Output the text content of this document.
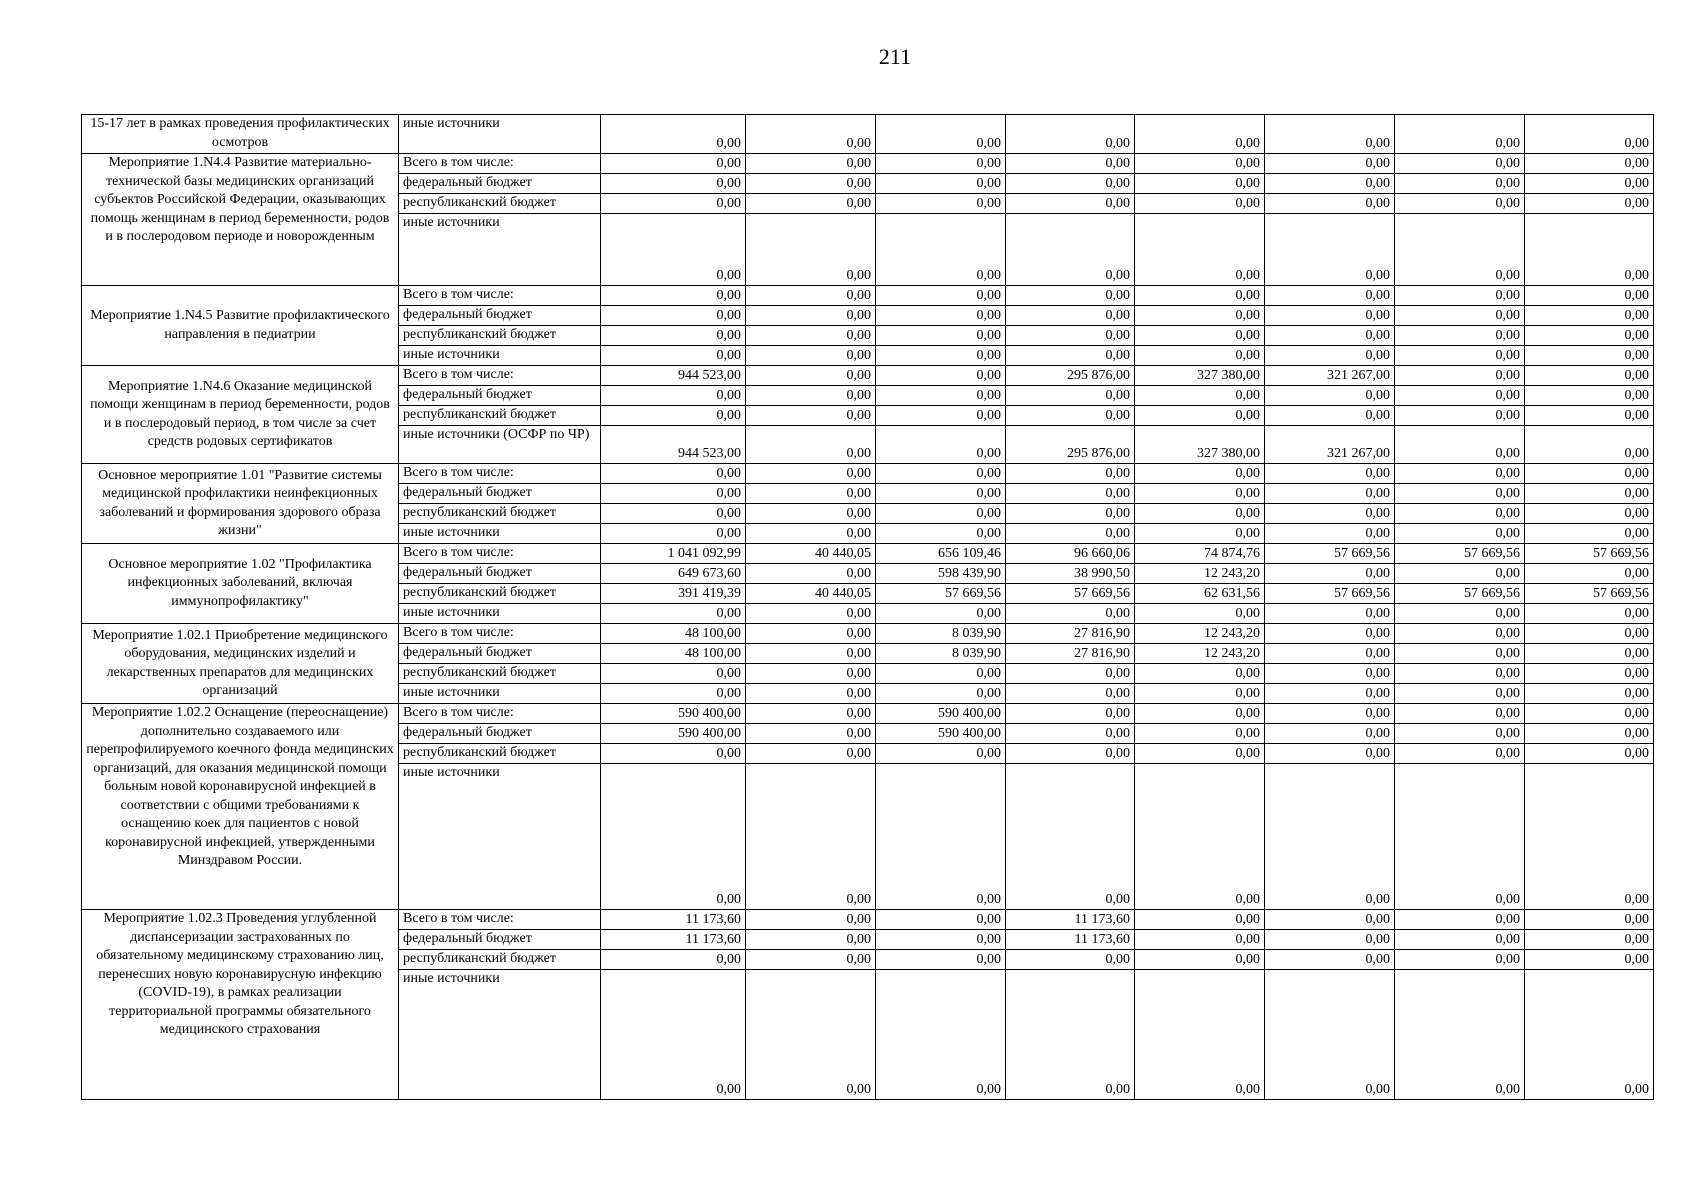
211
15-17 лет в рамках проведения профилактических осмотров	иные источники	0,00	0,00	0,00	0,00	0,00	0,00	0,00	0,00
Мероприятие 1.N4.4 Развитие материально-технической базы медицинских организаций субъектов Российской Федерации, оказывающих помощь женщинам в период беременности, родов и в послеродовом периоде и новорожденным	Всего в том числе:	0,00	0,00	0,00	0,00	0,00	0,00	0,00	0,00
	федеральный бюджет	0,00	0,00	0,00	0,00	0,00	0,00	0,00	0,00
	республиканский бюджет	0,00	0,00	0,00	0,00	0,00	0,00	0,00	0,00
	иные источники	0,00	0,00	0,00	0,00	0,00	0,00	0,00	0,00
Мероприятие 1.N4.5 Развитие профилактического направления в педиатрии	Всего в том числе:	0,00	0,00	0,00	0,00	0,00	0,00	0,00	0,00
	федеральный бюджет	0,00	0,00	0,00	0,00	0,00	0,00	0,00	0,00
	республиканский бюджет	0,00	0,00	0,00	0,00	0,00	0,00	0,00	0,00
	иные источники	0,00	0,00	0,00	0,00	0,00	0,00	0,00	0,00
Мероприятие 1.N4.6 Оказание медицинской помощи женщинам в период беременности, родов и в послеродовый период, в том числе за счет средств родовых сертификатов	Всего в том числе:	944 523,00	0,00	0,00	295 876,00	327 380,00	321 267,00	0,00	0,00
	федеральный бюджет	0,00	0,00	0,00	0,00	0,00	0,00	0,00	0,00
	республиканский бюджет	0,00	0,00	0,00	0,00	0,00	0,00	0,00	0,00
	иные источники (ОСФР по ЧР)	944 523,00	0,00	0,00	295 876,00	327 380,00	321 267,00	0,00	0,00
Основное мероприятие 1.01 "Развитие системы медицинской профилактики неинфекционных заболеваний и формирования здорового образа жизни"	Всего в том числе:	0,00	0,00	0,00	0,00	0,00	0,00	0,00	0,00
	федеральный бюджет	0,00	0,00	0,00	0,00	0,00	0,00	0,00	0,00
	республиканский бюджет	0,00	0,00	0,00	0,00	0,00	0,00	0,00	0,00
	иные источники	0,00	0,00	0,00	0,00	0,00	0,00	0,00	0,00
Основное мероприятие 1.02 "Профилактика инфекционных заболеваний, включая иммунопрофилактику"	Всего в том числе:	1 041 092,99	40 440,05	656 109,46	96 660,06	74 874,76	57 669,56	57 669,56	57 669,56
	федеральный бюджет	649 673,60	0,00	598 439,90	38 990,50	12 243,20	0,00	0,00	0,00
	республиканский бюджет	391 419,39	40 440,05	57 669,56	57 669,56	62 631,56	57 669,56	57 669,56	57 669,56
	иные источники	0,00	0,00	0,00	0,00	0,00	0,00	0,00	0,00
Мероприятие 1.02.1 Приобретение медицинского оборудования, медицинских изделий и лекарственных препаратов для медицинских организаций	Всего в том числе:	48 100,00	0,00	8 039,90	27 816,90	12 243,20	0,00	0,00	0,00
	федеральный бюджет	48 100,00	0,00	8 039,90	27 816,90	12 243,20	0,00	0,00	0,00
	республиканский бюджет	0,00	0,00	0,00	0,00	0,00	0,00	0,00	0,00
	иные источники	0,00	0,00	0,00	0,00	0,00	0,00	0,00	0,00
Мероприятие 1.02.2 Оснащение (переоснащение) дополнительно создаваемого или перепрофилируемого коечного фонда медицинских организаций, для оказания медицинской помощи больным новой коронавирусной инфекцией в соответствии с общими требованиями к оснащению коек для пациентов с новой коронавирусной инфекцией, утвержденными Минздравом России.	Всего в том числе:	590 400,00	0,00	590 400,00	0,00	0,00	0,00	0,00	0,00
	федеральный бюджет	590 400,00	0,00	590 400,00	0,00	0,00	0,00	0,00	0,00
	республиканский бюджет	0,00	0,00	0,00	0,00	0,00	0,00	0,00	0,00
	иные источники	0,00	0,00	0,00	0,00	0,00	0,00	0,00	0,00
Мероприятие 1.02.3 Проведения углубленной диспансеризации застрахованных по обязательному медицинскому страхованию лиц, перенесших новую коронавирусную инфекцию (COVID-19), в рамках реализации территориальной программы обязательного медицинского страхования	Всего в том числе:	11 173,60	0,00	0,00	11 173,60	0,00	0,00	0,00	0,00
	федеральный бюджет	11 173,60	0,00	0,00	11 173,60	0,00	0,00	0,00	0,00
	республиканский бюджет	0,00	0,00	0,00	0,00	0,00	0,00	0,00	0,00
	иные источники	0,00	0,00	0,00	0,00	0,00	0,00	0,00	0,00
